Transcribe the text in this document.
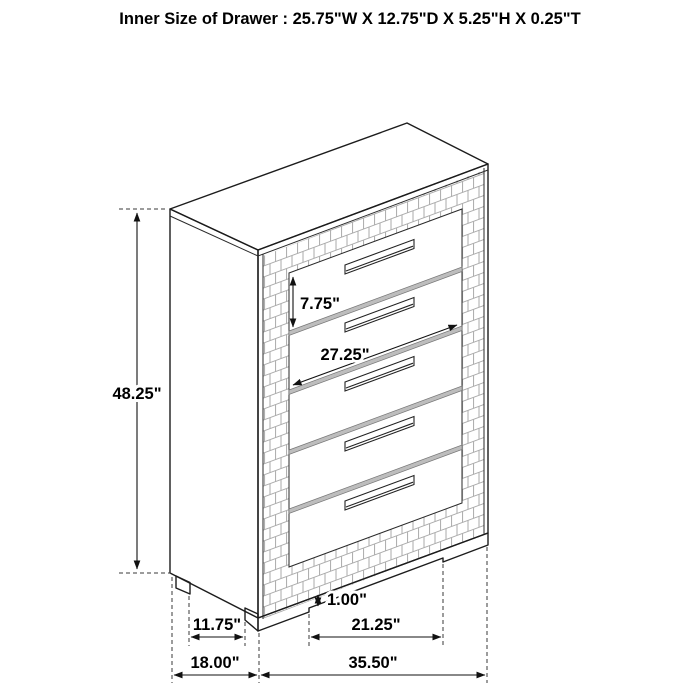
Inner Size of Drawer : 25.75"W X 12.75"D X 5.25"H X 0.25"T
48.25"
7.75"
27.25"
1.00"
11.75"	21.25"
18.00"	35.50"
